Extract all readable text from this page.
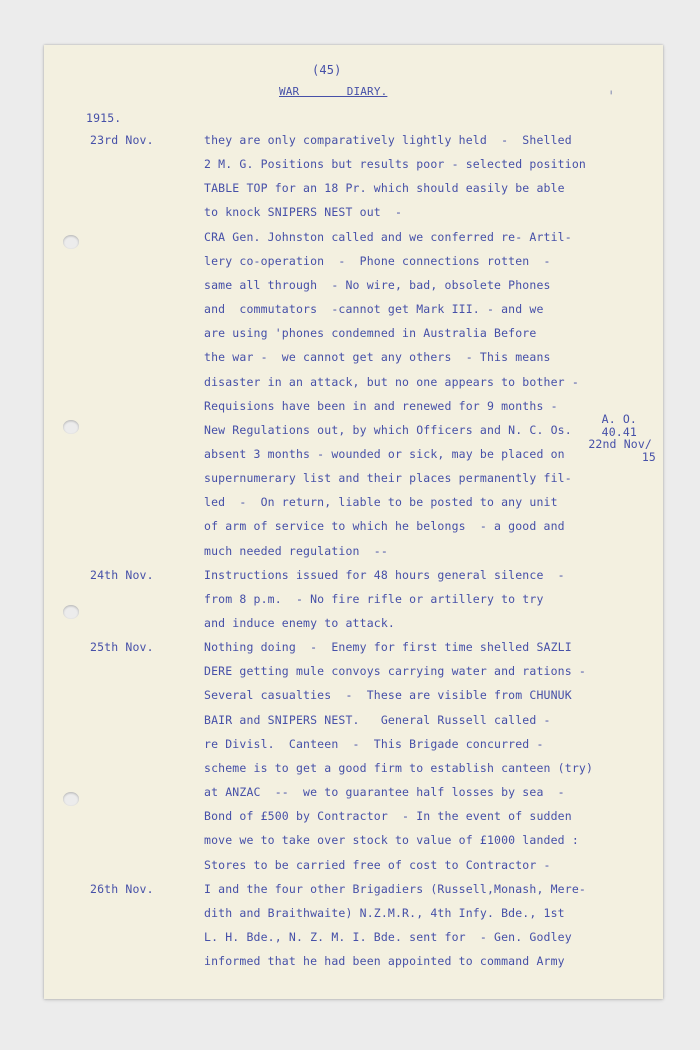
(45)
WAR       DIARY.	'
1915.
23rd Nov.	they are only comparatively lightly held  -  Shelled
2 M. G. Positions but results poor - selected position
TABLE TOP for an 18 Pr. which should easily be able
to knock SNIPERS NEST out  -
CRA Gen. Johnston called and we conferred re- Artil-
lery co-operation  -  Phone connections rotten  -
same all through  - No wire, bad, obsolete Phones
and  commutators  -cannot get Mark III. - and we
are using 'phones condemned in Australia Before
the war -  we cannot get any others  - This means
disaster in an attack, but no one appears to bother -
Requisions have been in and renewed for 9 months -
New Regulations out, by which Officers and N. C. Os.
absent 3 months - wounded or sick, may be placed on
supernumerary list and their places permanently fil-
led  -  On return, liable to be posted to any unit
of arm of service to which he belongs  - a good and
much needed regulation  --
24th Nov.	Instructions issued for 48 hours general silence  -
from 8 p.m.  - No fire rifle or artillery to try
and induce enemy to attack.
25th Nov.	Nothing doing  -  Enemy for first time shelled SAZLI
DERE getting mule convoys carrying water and rations -
Several casualties  -  These are visible from CHUNUK
BAIR and SNIPERS NEST.   General Russell called -
re Divisl.  Canteen  -  This Brigade concurred -
scheme is to get a good firm to establish canteen (try)
at ANZAC  --  we to guarantee half losses by sea  -
Bond of £500 by Contractor  - In the event of sudden
move we to take over stock to value of £1000 landed :
Stores to be carried free of cost to Contractor -
26th Nov.	I and the four other Brigadiers (Russell,Monash, Mere-
dith and Braithwaite) N.Z.M.R., 4th Infy. Bde., 1st
L. H. Bde., N. Z. M. I. Bde. sent for  - Gen. Godley
informed that he had been appointed to command Army
A. O.
40.41
22nd Nov/
15
